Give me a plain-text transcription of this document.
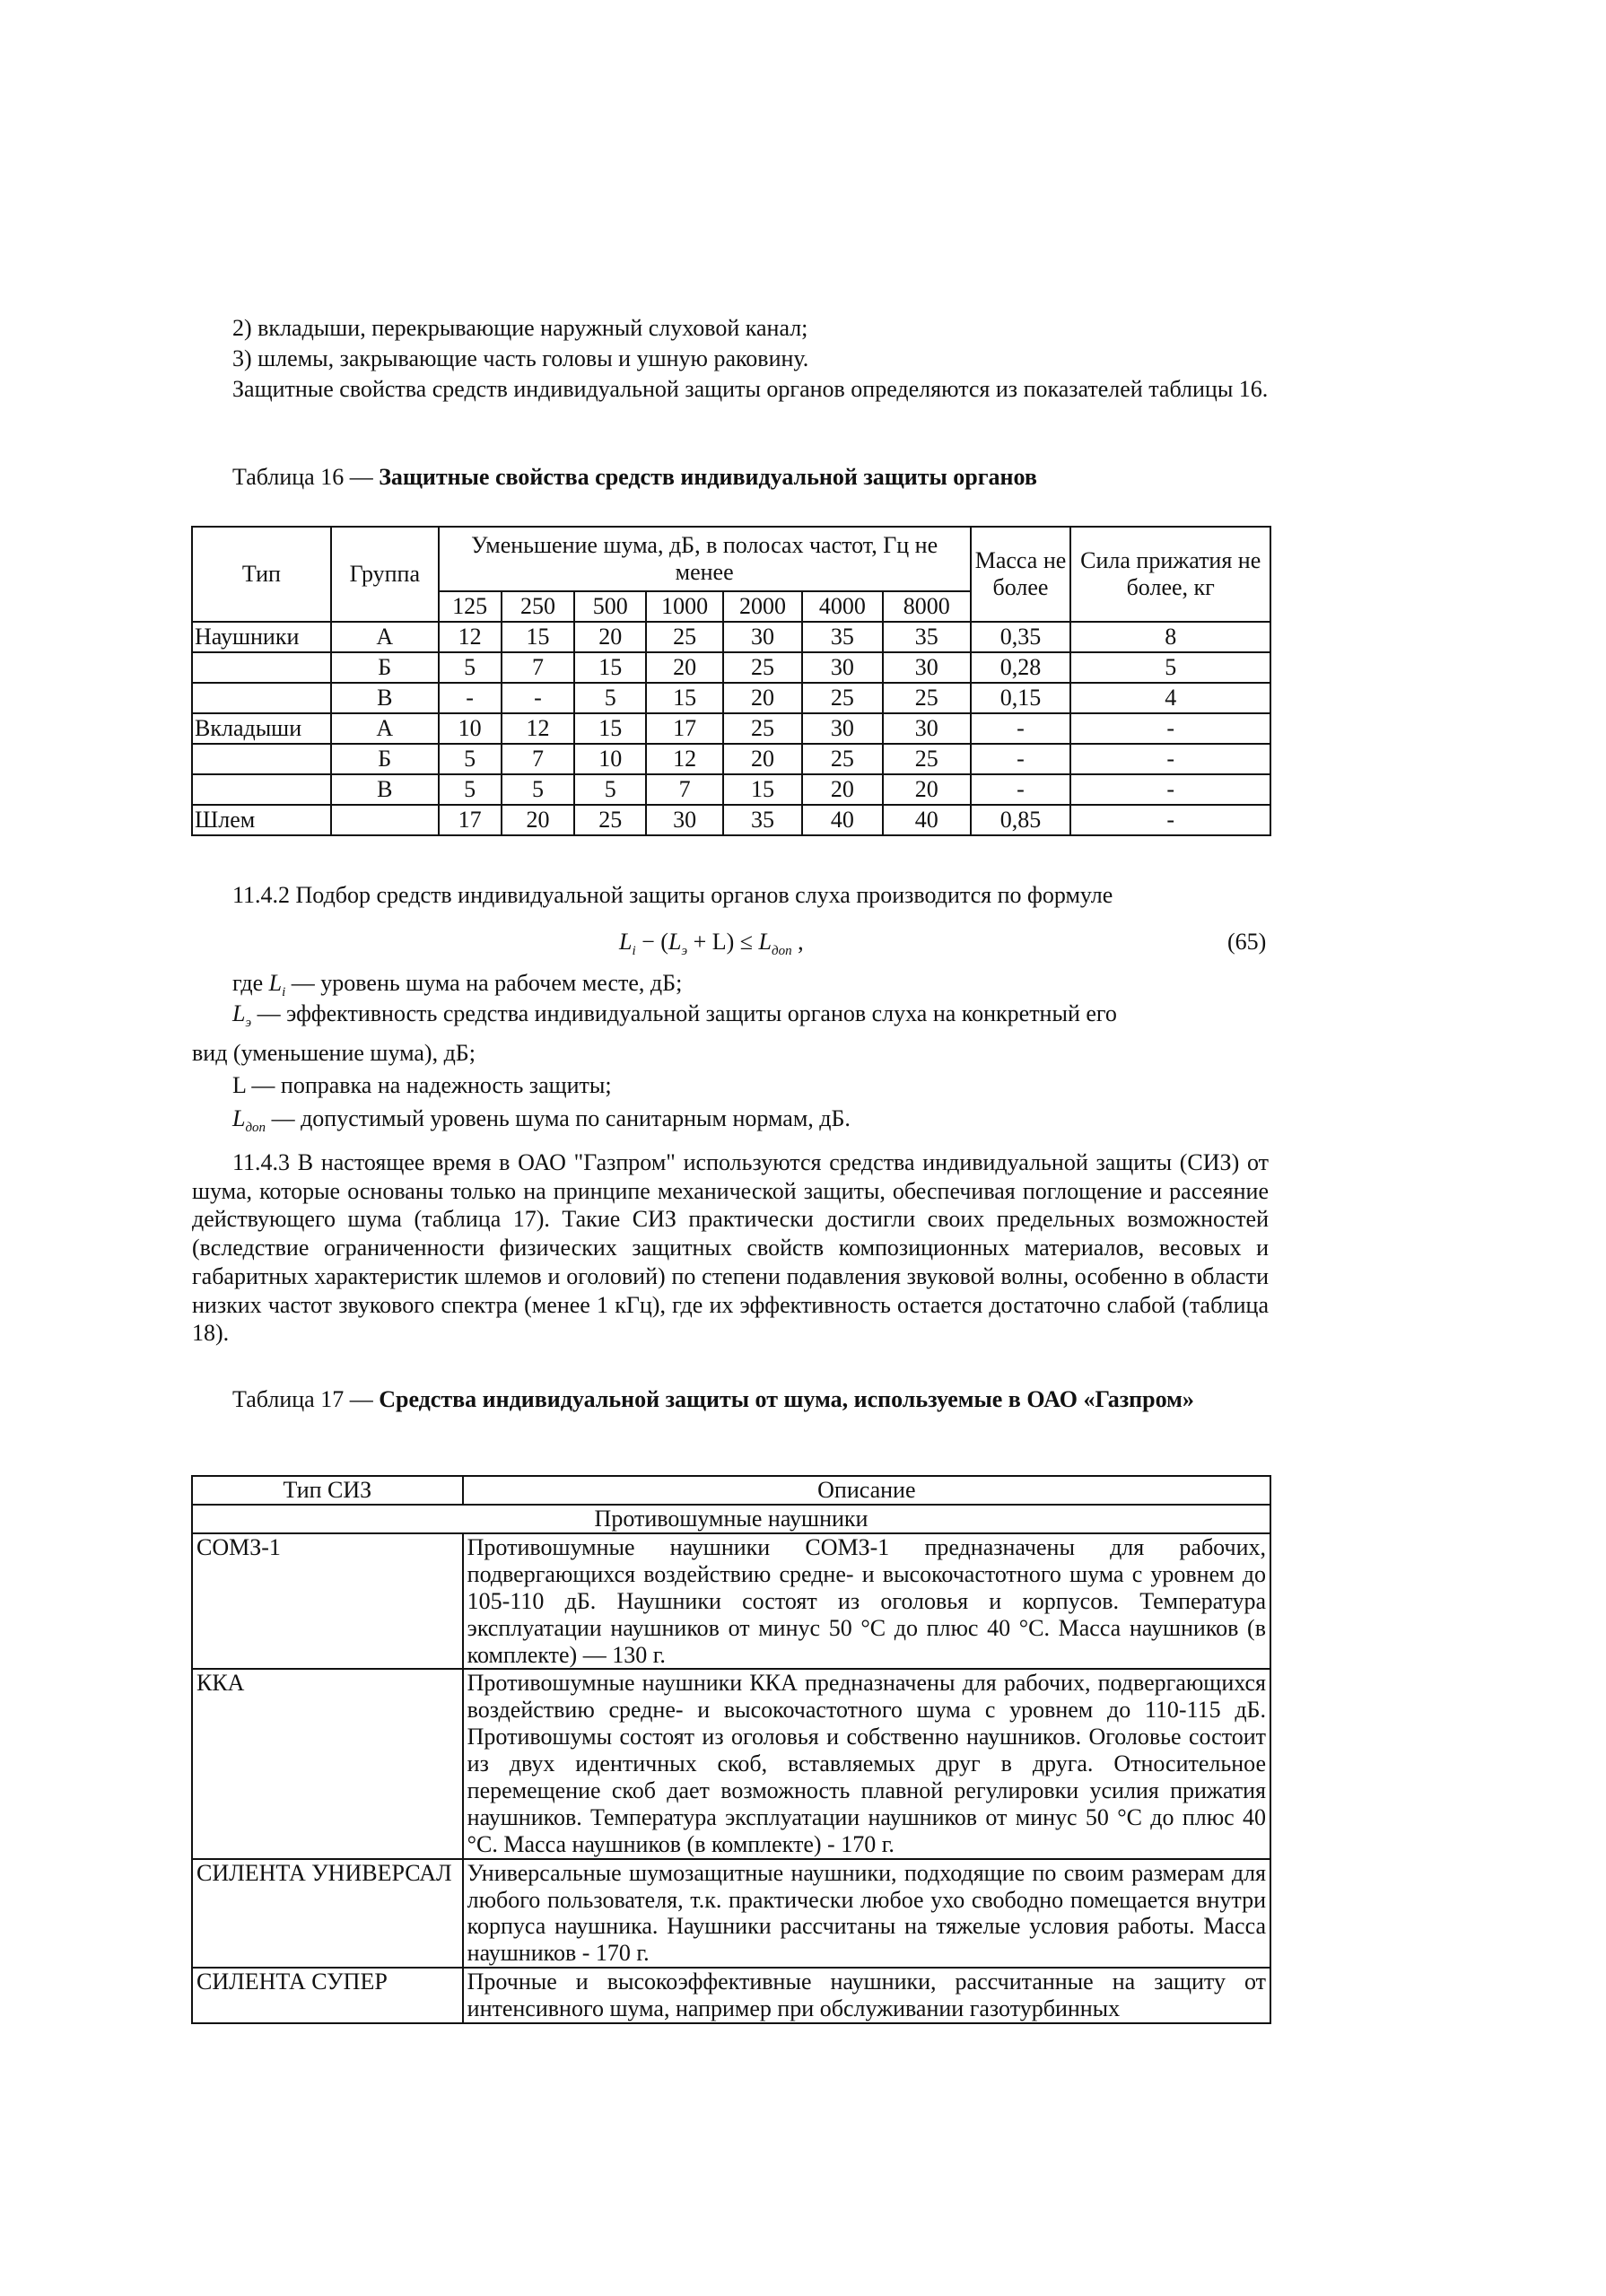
2) вкладыши, перекрывающие наружный слуховой канал;
3) шлемы, закрывающие часть головы и ушную раковину.
Защитные свойства средств индивидуальной защиты органов определяются из показателей таблицы 16.
Таблица 16 — Защитные свойства средств индивидуальной защиты органов
Тип	Группа	Уменьшение шума, дБ, в полосах частот, Гц не менее							Масса не более	Сила прижатия не более, кг
		125	250	500	1000	2000	4000	8000		
Наушники	А	12	15	20	25	30	35	35	0,35	8
	Б	5	7	15	20	25	30	30	0,28	5
	В	-	-	5	15	20	25	25	0,15	4
Вкладыши	А	10	12	15	17	25	30	30	-	-
	Б	5	7	10	12	20	25	25	-	-
	В	5	5	5	7	15	20	20	-	-
Шлем		17	20	25	30	35	40	40	0,85	-
11.4.2 Подбор средств индивидуальной защиты органов слуха производится по формуле
$L_i - (L_э + L) \le L_{доп}$ ,	(65)
где $L_i$ — уровень шума на рабочем месте, дБ;
$L_э$ — эффективность средства индивидуальной защиты органов слуха на конкретный его
вид (уменьшение шума), дБ;
L — поправка на надежность защиты;
$L_{доп}$ — допустимый уровень шума по санитарным нормам, дБ.
11.4.3 В настоящее время в ОАО "Газпром" используются средства индивидуальной защиты (СИЗ) от шума, которые основаны только на принципе механической защиты, обеспечивая поглощение и рассеяние действующего шума (таблица 17). Такие СИЗ практически достигли своих предельных возможностей (вследствие ограниченности физических защитных свойств композиционных материалов, весовых и габаритных характеристик шлемов и оголовий) по степени подавления звуковой волны, особенно в области низких частот звукового спектра (менее 1 кГц), где их эффективность остается достаточно слабой (таблица 18).
Таблица 17 — Средства индивидуальной защиты от шума, используемые в ОАО «Газпром»
Тип СИЗ	Описание
Противошумные наушники	
СОМЗ-1	Противошумные наушники СОМЗ-1 предназначены для рабочих, подвергающихся воздействию средне- и высокочастотного шума с уровнем до 105-110 дБ. Наушники состоят из оголовья и корпусов. Температура эксплуатации наушников от минус 50 °С до плюс 40 °С. Масса наушников (в комплекте) — 130 г.
ККА	Противошумные наушники ККА предназначены для рабочих, подвергающихся воздействию средне- и высокочастотного шума с уровнем до 110-115 дБ. Противошумы состоят из оголовья и собственно наушников. Оголовье состоит из двух идентичных скоб, вставляемых друг в друга. Относительное перемещение скоб дает возможность плавной регулировки усилия прижатия наушников. Температура эксплуатации наушников от минус 50 °С до плюс 40 °С. Масса наушников (в комплекте) - 170 г.
СИЛЕНТА УНИВЕРСАЛ	Универсальные шумозащитные наушники, подходящие по своим размерам для любого пользователя, т.к. практически любое ухо свободно помещается внутри корпуса наушника. Наушники рассчитаны на тяжелые условия работы. Масса наушников - 170 г.
СИЛЕНТА СУПЕР	Прочные и высокоэффективные наушники, рассчитанные на защиту от интенсивного шума, например при обслуживании газотурбинных
